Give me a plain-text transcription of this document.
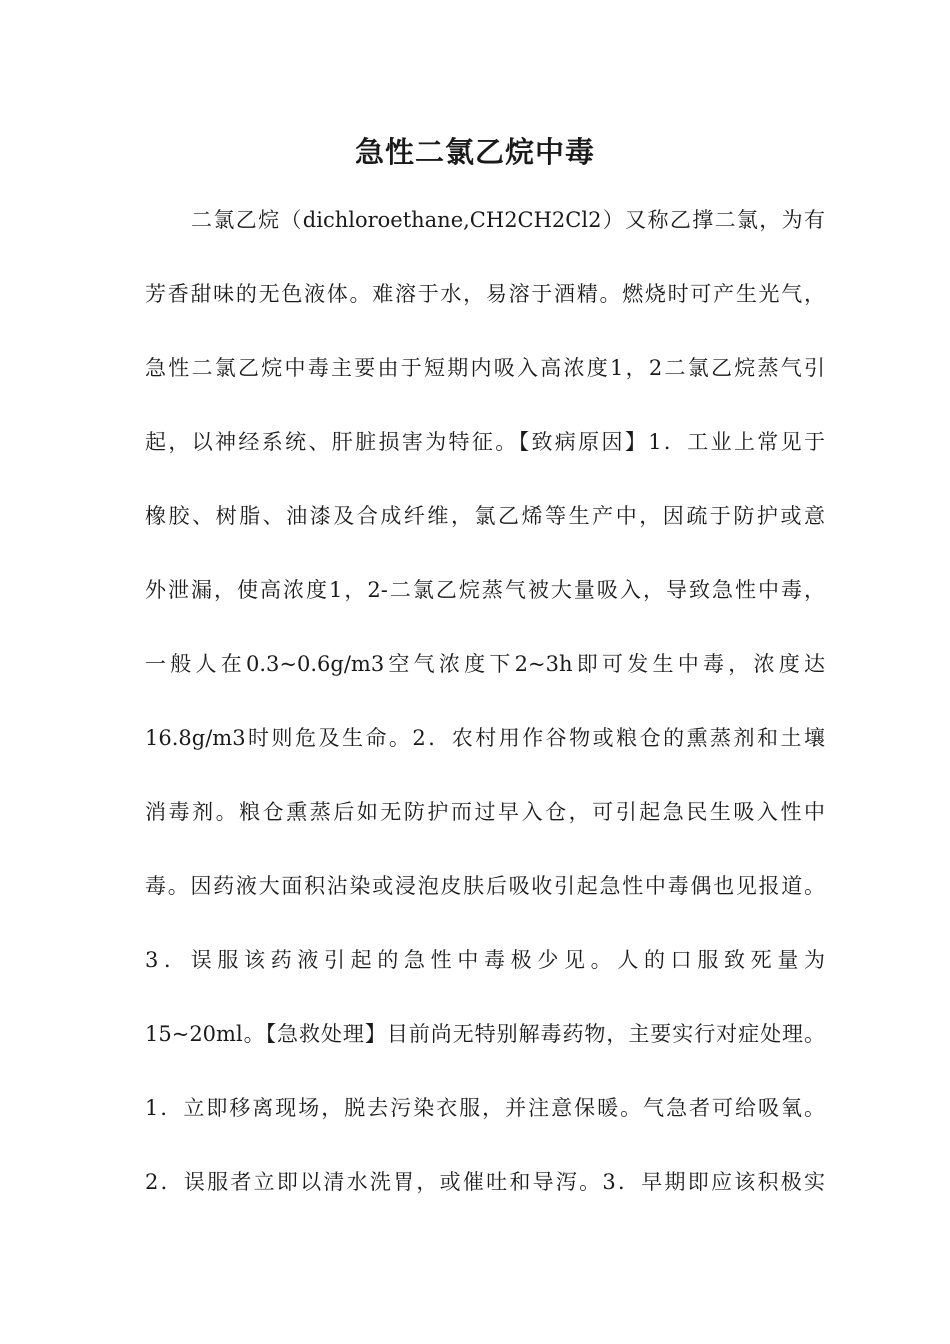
急性二氯乙烷中毒
二氯乙烷（dichloroethane,CH2CH2Cl2）又称乙撑二氯，为有
芳香甜味的无色液体。难溶于水，易溶于酒精。燃烧时可产生光气，
急性二氯乙烷中毒主要由于短期内吸入高浓度1，2二氯乙烷蒸气引
起，以神经系统、肝脏损害为特征。【致病原因】1．工业上常见于
橡胶、树脂、油漆及合成纤维，氯乙烯等生产中，因疏于防护或意
外泄漏，使高浓度1，2-二氯乙烷蒸气被大量吸入，导致急性中毒，
一般人在0.3~0.6g/m3空气浓度下2~3h即可发生中毒，浓度达
16.8g/m3时则危及生命。2．农村用作谷物或粮仓的熏蒸剂和土壤
消毒剂。粮仓熏蒸后如无防护而过早入仓，可引起急民生吸入性中
毒。因药液大面积沾染或浸泡皮肤后吸收引起急性中毒偶也见报道。
3．误服该药液引起的急性中毒极少见。人的口服致死量为
15~20ml。【急救处理】目前尚无特别解毒药物，主要实行对症处理。
1．立即移离现场，脱去污染衣服，并注意保暖。气急者可给吸氧。
2．误服者立即以清水洗胃，或催吐和导泻。3．早期即应该积极实
